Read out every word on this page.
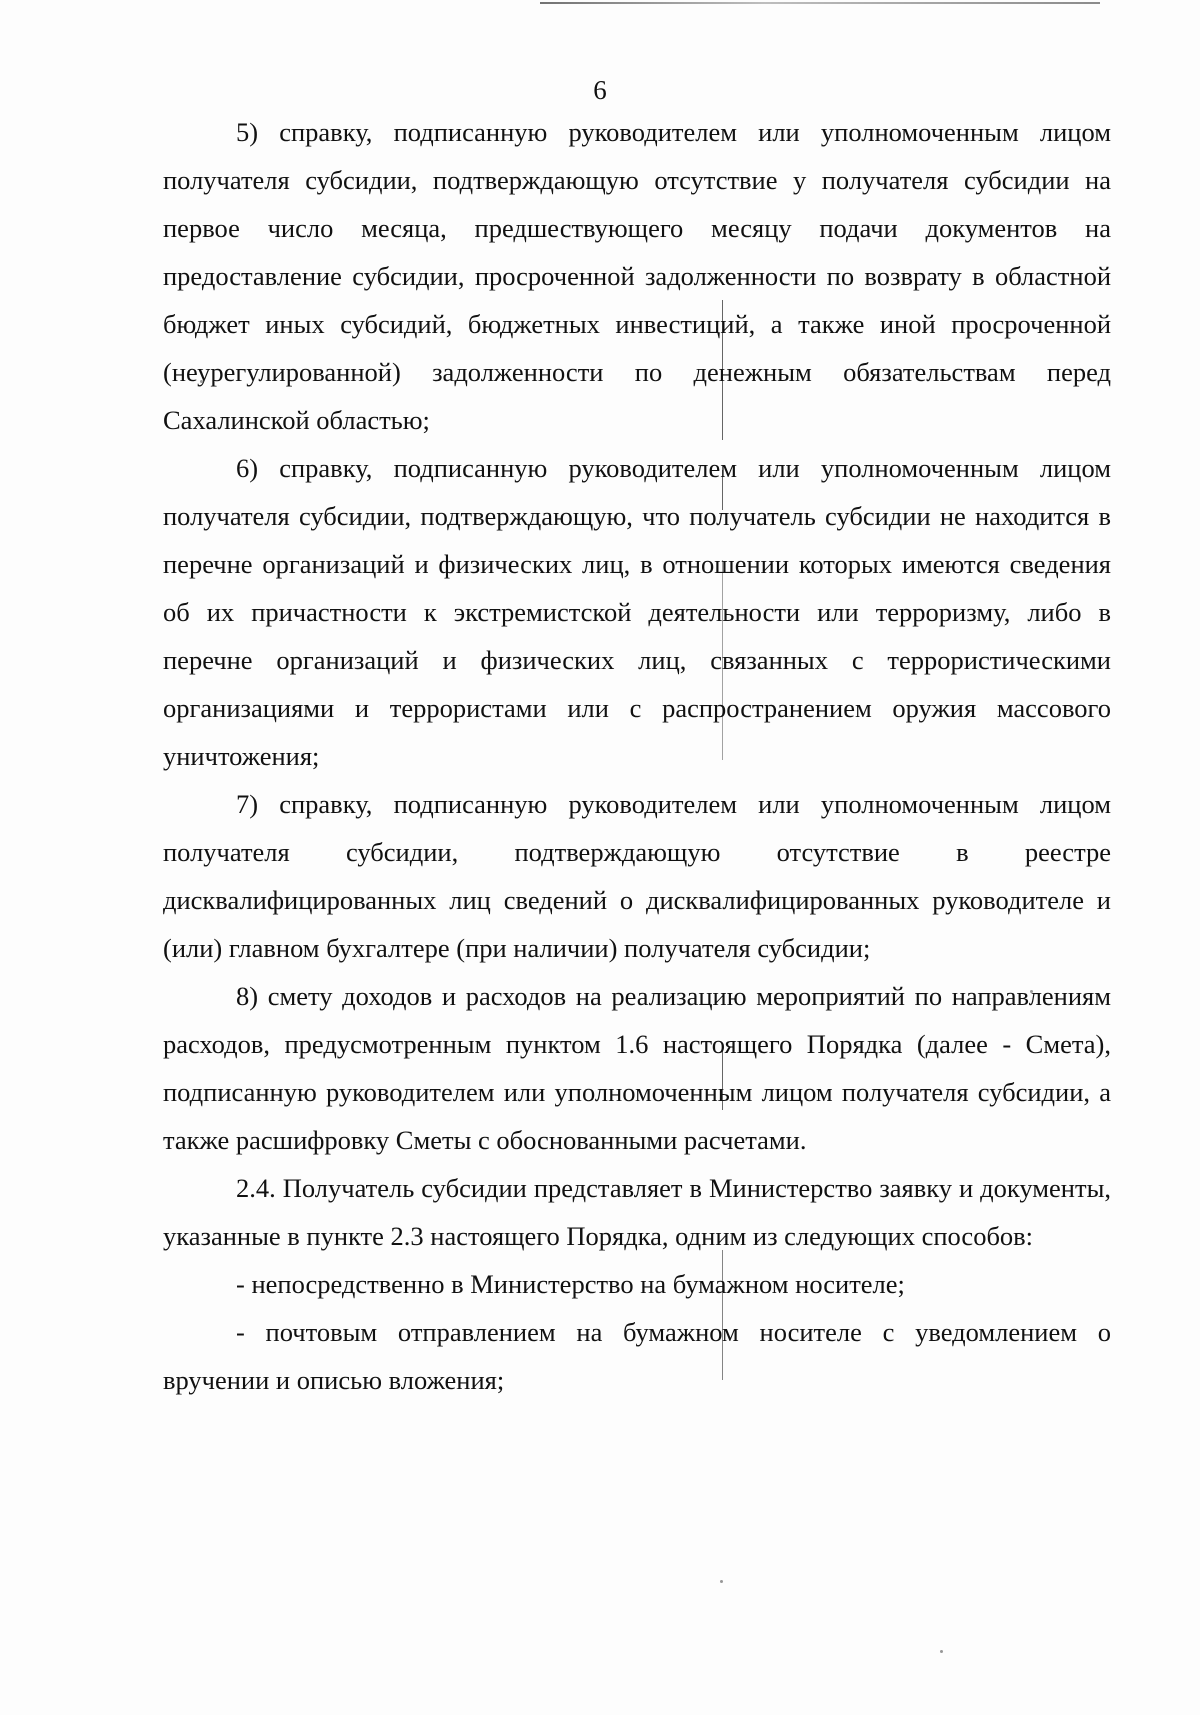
6

5) справку, подписанную руководителем или уполномоченным лицом получателя субсидии, подтверждающую отсутствие у получателя субсидии на первое число месяца, предшествующего месяцу подачи документов на предоставление субсидии, просроченной задолженности по возврату в областной бюджет иных субсидий, бюджетных инвестиций, а также иной просроченной (неурегулированной) задолженности по денежным обязательствам перед Сахалинской областью;

6) справку, подписанную руководителем или уполномоченным лицом получателя субсидии, подтверждающую, что получатель субсидии не находится в перечне организаций и физических лиц, в отношении которых имеются сведения об их причастности к экстремистской деятельности или терроризму, либо в перечне организаций и физических лиц, связанных с террористическими организациями и террористами или с распространением оружия массового уничтожения;

7) справку, подписанную руководителем или уполномоченным лицом получателя субсидии, подтверждающую отсутствие в реестре дисквалифицированных лиц сведений о дисквалифицированных руководителе и (или) главном бухгалтере (при наличии) получателя субсидии;

8) смету доходов и расходов на реализацию мероприятий по направлениям расходов, предусмотренным пунктом 1.6 настоящего Порядка (далее - Смета), подписанную руководителем или уполномоченным лицом получателя субсидии, а также расшифровку Сметы с обоснованными расчетами.

2.4. Получатель субсидии представляет в Министерство заявку и документы, указанные в пункте 2.3 настоящего Порядка, одним из следующих способов:

- непосредственно в Министерство на бумажном носителе;

- почтовым отправлением на бумажном носителе с уведомлением о вручении и описью вложения;
